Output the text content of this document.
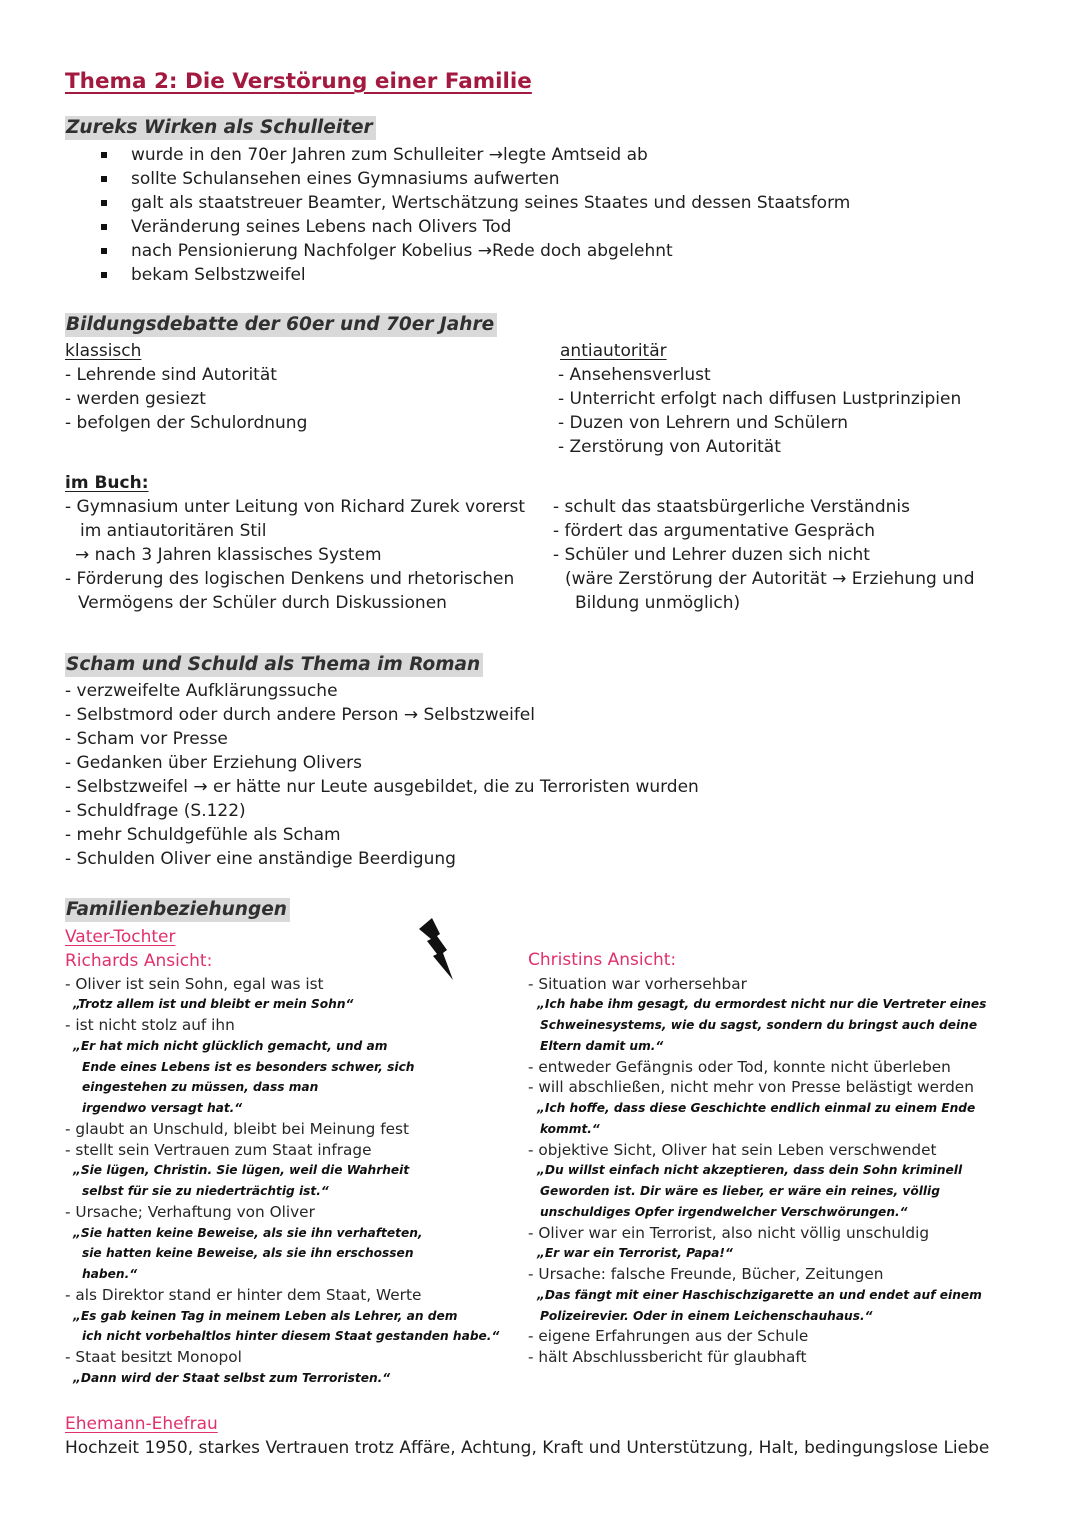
Thema 2: Die Verstörung einer Familie
Zureks Wirken als Schulleiter
wurde in den 70er Jahren zum Schulleiter →legte Amtseid ab
sollte Schulansehen eines Gymnasiums aufwerten
galt als staatstreuer Beamter, Wertschätzung seines Staates und dessen Staatsform
Veränderung seines Lebens nach Olivers Tod
nach Pensionierung Nachfolger Kobelius →Rede doch abgelehnt
bekam Selbstzweifel
Bildungsdebatte der 60er und 70er Jahre
klassisch
- Lehrende sind Autorität
- werden gesiezt
- befolgen der Schulordnung
antiautoritär
- Ansehensverlust
- Unterricht erfolgt nach diffusen Lustprinzipien
- Duzen von Lehrern und Schülern
- Zerstörung von Autorität
im Buch:
- Gymnasium unter Leitung von Richard Zurek vorerst
im antiautoritären Stil
→ nach 3 Jahren klassisches System
- Förderung des logischen Denkens und rhetorischen
Vermögens der Schüler durch Diskussionen
- schult das staatsbürgerliche Verständnis
- fördert das argumentative Gespräch
- Schüler und Lehrer duzen sich nicht
(wäre Zerstörung der Autorität → Erziehung und
Bildung unmöglich)
Scham und Schuld als Thema im Roman
- verzweifelte Aufklärungssuche
- Selbstmord oder durch andere Person → Selbstzweifel
- Scham vor Presse
- Gedanken über Erziehung Olivers
- Selbstzweifel → er hätte nur Leute ausgebildet, die zu Terroristen wurden
- Schuldfrage (S.122)
- mehr Schuldgefühle als Scham
- Schulden Oliver eine anständige Beerdigung
Familienbeziehungen
Vater-Tochter
Richards Ansicht:	Christins Ansicht:
- Oliver ist sein Sohn, egal was ist
„Trotz allem ist und bleibt er mein Sohn“
- ist nicht stolz auf ihn
„Er hat mich nicht glücklich gemacht, und am
Ende eines Lebens ist es besonders schwer, sich
eingestehen zu müssen, dass man
irgendwo versagt hat.“
- glaubt an Unschuld, bleibt bei Meinung fest
- stellt sein Vertrauen zum Staat infrage
„Sie lügen, Christin. Sie lügen, weil die Wahrheit
selbst für sie zu niederträchtig ist.“
- Ursache; Verhaftung von Oliver
„Sie hatten keine Beweise, als sie ihn verhafteten,
sie hatten keine Beweise, als sie ihn erschossen
haben.“
- als Direktor stand er hinter dem Staat, Werte
„Es gab keinen Tag in meinem Leben als Lehrer, an dem
ich nicht vorbehaltlos hinter diesem Staat gestanden habe.“
- Staat besitzt Monopol
„Dann wird der Staat selbst zum Terroristen.“
- Situation war vorhersehbar
„Ich habe ihm gesagt, du ermordest nicht nur die Vertreter eines
Schweinesystems, wie du sagst, sondern du bringst auch deine
Eltern damit um.“
- entweder Gefängnis oder Tod, konnte nicht überleben
- will abschließen, nicht mehr von Presse belästigt werden
„Ich hoffe, dass diese Geschichte endlich einmal zu einem Ende
kommt.“
- objektive Sicht, Oliver hat sein Leben verschwendet
„Du willst einfach nicht akzeptieren, dass dein Sohn kriminell
Geworden ist. Dir wäre es lieber, er wäre ein reines, völlig
unschuldiges Opfer irgendwelcher Verschwörungen.“
- Oliver war ein Terrorist, also nicht völlig unschuldig
„Er war ein Terrorist, Papa!“
- Ursache: falsche Freunde, Bücher, Zeitungen
„Das fängt mit einer Haschischzigarette an und endet auf einem
Polizeirevier. Oder in einem Leichenschauhaus.“
- eigene Erfahrungen aus der Schule
- hält Abschlussbericht für glaubhaft
Ehemann-Ehefrau
Hochzeit 1950, starkes Vertrauen trotz Affäre, Achtung, Kraft und Unterstützung, Halt, bedingungslose Liebe
